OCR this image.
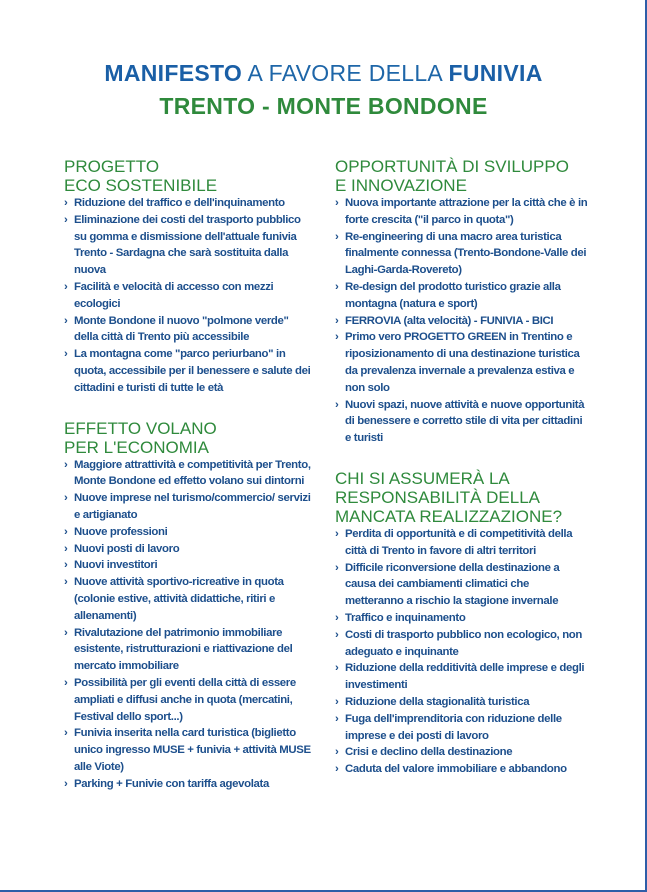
MANIFESTO A FAVORE DELLA FUNIVIA
TRENTO - MONTE BONDONE
PROGETTO
ECO SOSTENIBILE
› Riduzione del traffico e dell'inquinamento
› Eliminazione dei costi del trasporto pubblico su gomma e dismissione dell'attuale funivia Trento - Sardagna che sarà sostituita dalla nuova
› Facilità e velocità di accesso con mezzi ecologici
› Monte Bondone il nuovo "polmone verde" della città di Trento più accessibile
› La montagna come "parco periurbano" in quota, accessibile per il benessere e salute dei cittadini e turisti di tutte le età
EFFETTO VOLANO
PER L'ECONOMIA
› Maggiore attrattività e competitività per Trento, Monte Bondone ed effetto volano sui dintorni
› Nuove imprese nel turismo/commercio/ servizi e artigianato
› Nuove professioni
› Nuovi posti di lavoro
› Nuovi investitori
› Nuove attività sportivo-ricreative in quota (colonie estive, attività didattiche, ritiri e allenamenti)
› Rivalutazione del patrimonio immobiliare esistente, ristrutturazioni e riattivazione del mercato immobiliare
› Possibilità per gli eventi della città di essere ampliati e diffusi anche in quota (mercatini, Festival dello sport...)
› Funivia inserita nella card turistica (biglietto unico ingresso MUSE + funivia + attività MUSE alle Viote)
› Parking + Funivie con tariffa agevolata
OPPORTUNITÀ DI SVILUPPO
E INNOVAZIONE
› Nuova importante attrazione per la città che è in forte crescita ("il parco in quota")
› Re-engineering di una macro area turistica finalmente connessa (Trento-Bondone-Valle dei Laghi-Garda-Rovereto)
› Re-design del prodotto turistico grazie alla montagna (natura e sport)
› FERROVIA (alta velocità) - FUNIVIA - BICI
› Primo vero PROGETTO GREEN in Trentino e riposizionamento di una destinazione turistica da prevalenza invernale a prevalenza estiva e non solo
› Nuovi spazi, nuove attività e nuove opportunità di benessere e corretto stile di vita per cittadini e turisti
CHI SI ASSUMERÀ LA
RESPONSABILITÀ DELLA
MANCATA REALIZZAZIONE?
› Perdita di opportunità e di competitività della città di Trento in favore di altri territori
› Difficile riconversione della destinazione a causa dei cambiamenti climatici che metteranno a rischio la stagione invernale
› Traffico e inquinamento
› Costi di trasporto pubblico non ecologico, non adeguato e inquinante
› Riduzione della redditività delle imprese e degli investimenti
› Riduzione della stagionalità turistica
› Fuga dell'imprenditoria con riduzione delle imprese e dei posti di lavoro
› Crisi e declino della destinazione
› Caduta del valore immobiliare e abbandono
